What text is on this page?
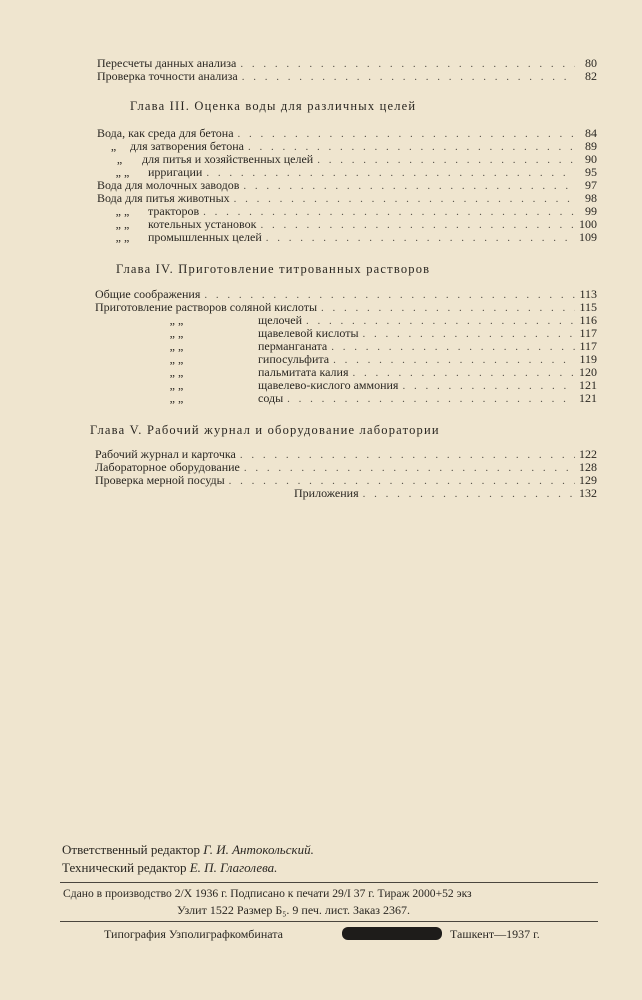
Пересчеты данных анализа . . .	80
Проверка точности анализа . . .	82
Вода, как среда для бетона . . .	84
„	для затворения бетона . . .	89
„	для питья и хозяйственных целей . . .	90
„ „	ирригации . . .	95
Вода для молочных заводов . . .	97
Вода для питья животных . . .	98
„ „	тракторов . . .	99
„ „	котельных установок . . .	100
„ „	промышленных целей . . .	109
Общие соображения . . .	113
Приготовление растворов соляной кислоты . . .	115
„ „	щелочей . . .	116
„ „	щавелевой кислоты . . .	117
„ „	перманганата . . .	117
„ „	гипосульфита . . .	119
„ „	пальмитата калия . . .	120
„ „	щавелево-кислого аммония . . .	121
„ „	соды . . .	121
Рабочий журнал и карточка . . .	122
Лабораторное оборудование . . .	128
Проверка мерной посуды . . .	129
Приложения . . .	132
Глава III. Оценка воды для различных целей
Глава IV. Приготовление титрованных растворов
Глава V. Рабочий журнал и оборудование лаборатории
Ответственный редактор Г. И. Антокольский.
Технический редактор Е. П. Глаголева.
Сдано в производство 2/X 1936 г. Подписано к печати 29/I 37 г. Тираж 2000+52 экз
Узлит 1522 Размер Б₅. 9 печ. лист. Заказ 2367.
Типография Узполиграфкомбината	Ташкент—1937 г.
